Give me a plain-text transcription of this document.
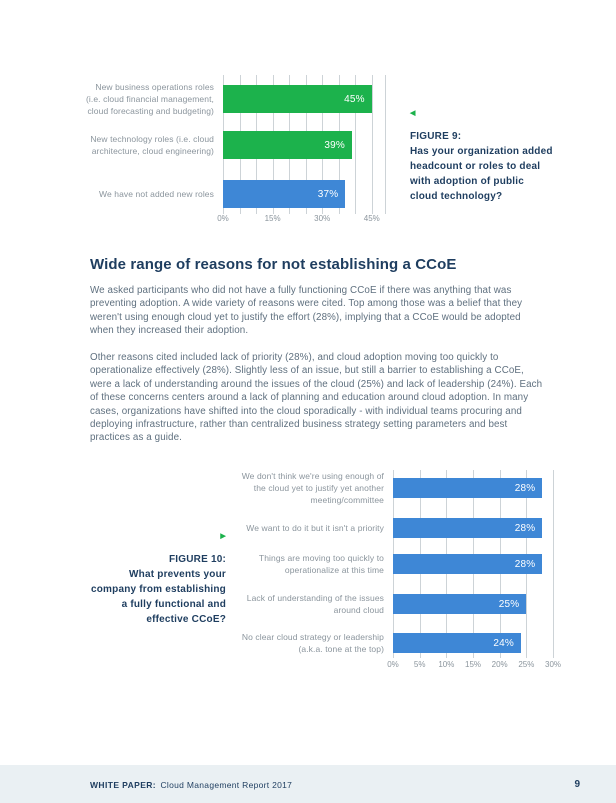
New business operations roles (i.e. cloud financial management, cloud forecasting and budgeting)
45%
New technology roles (i.e. cloud architecture, cloud engineering)
39%
We have not added new roles	37%
0%	15%	30%	45%
◀
FIGURE 9:
Has your organization added
headcount or roles to deal
with adoption of public
cloud technology?
Wide range of reasons for not establishing a CCoE

We asked participants who did not have a fully functioning CCoE if there was anything that was preventing adoption. A wide variety of reasons were cited. Top among those was a belief that they weren't using enough cloud yet to justify the effort (28%), implying that a CCoE would be adopted when they increased their adoption.

Other reasons cited included lack of priority (28%), and cloud adoption moving too quickly to operationalize effectively (28%). Slightly less of an issue, but still a barrier to establishing a CCoE, were a lack of understanding around the issues of the cloud (25%) and lack of leadership (24%). Each of these concerns centers around a lack of planning and education around cloud adoption. In many cases, organizations have shifted into the cloud sporadically - with individual teams procuring and deploying infrastructure, rather than centralized business strategy setting parameters and best practices as a guide.

▶
FIGURE 10:
What prevents your
company from establishing
a fully functional and
effective CCoE?
We don't think we're using enough of the cloud yet to justify yet another meeting/committee
28%
We want to do it but it isn't a priority	28%
Things are moving too quickly to operationalize at this time
28%
Lack of understanding of the issues around cloud
25%
No clear cloud strategy or leadership (a.k.a. tone at the top)
24%
0% 5% 10% 15% 20% 25% 30%
WHITE PAPER: Cloud Management Report 2017	9
